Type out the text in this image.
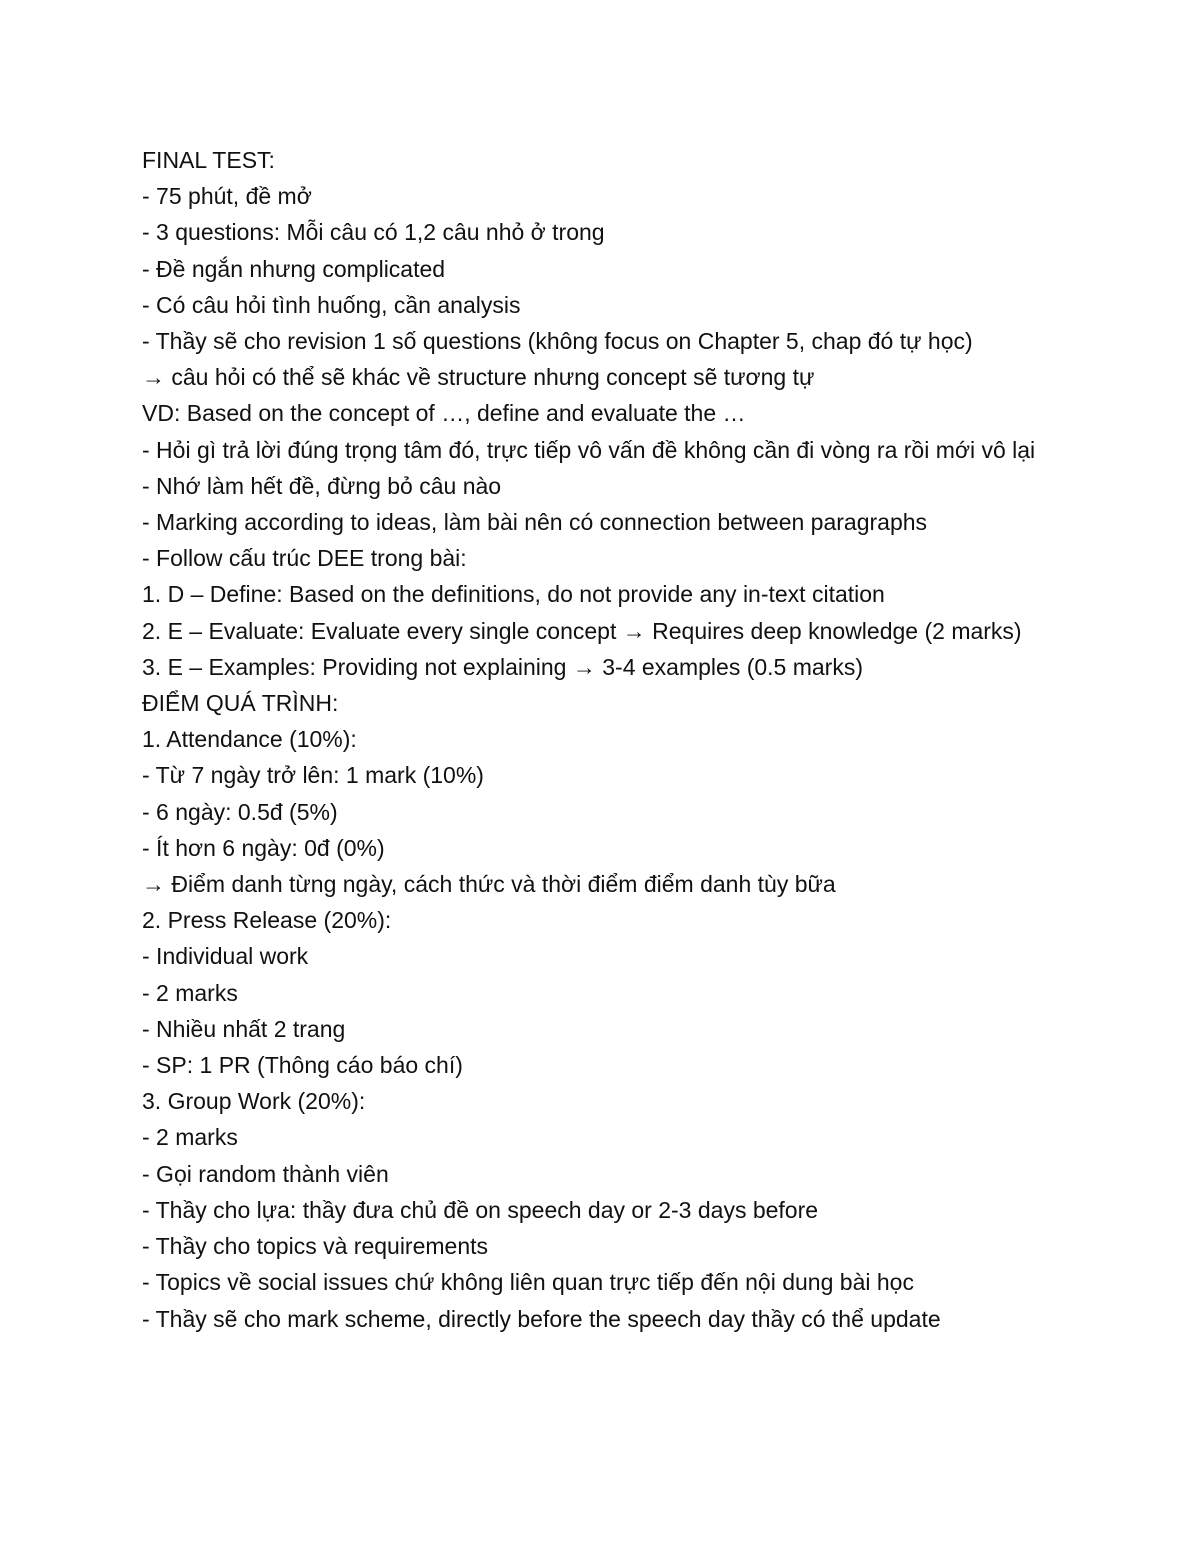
FINAL TEST:

- 75 phút, đề mở

- 3 questions: Mỗi câu có 1,2 câu nhỏ ở trong

- Đề ngắn nhưng complicated

- Có câu hỏi tình huống, cần analysis

- Thầy sẽ cho revision 1 số questions (không focus on Chapter 5, chap đó tự học)

→ câu hỏi có thể sẽ khác về structure nhưng concept sẽ tương tự

VD: Based on the concept of …, define and evaluate the …

- Hỏi gì trả lời đúng trọng tâm đó, trực tiếp vô vấn đề không cần đi vòng ra rồi mới vô lại

- Nhớ làm hết đề, đừng bỏ câu nào

- Marking according to ideas, làm bài nên có connection between paragraphs

- Follow cấu trúc DEE trong bài:

1. D – Define: Based on the definitions, do not provide any in-text citation

2. E – Evaluate: Evaluate every single concept → Requires deep knowledge (2 marks)

3. E – Examples: Providing not explaining → 3-4 examples (0.5 marks)

ĐIỂM QUÁ TRÌNH:

1. Attendance (10%):

- Từ 7 ngày trở lên: 1 mark (10%)

- 6 ngày: 0.5đ (5%)

- Ít hơn 6 ngày: 0đ (0%)

→ Điểm danh từng ngày, cách thức và thời điểm điểm danh tùy bữa

2. Press Release (20%):

- Individual work

- 2 marks

- Nhiều nhất 2 trang

- SP: 1 PR (Thông cáo báo chí)

3. Group Work (20%):

- 2 marks

- Gọi random thành viên

- Thầy cho lựa: thầy đưa chủ đề on speech day or 2-3 days before

- Thầy cho topics và requirements

- Topics về social issues chứ không liên quan trực tiếp đến nội dung bài học

- Thầy sẽ cho mark scheme, directly before the speech day thầy có thể update
